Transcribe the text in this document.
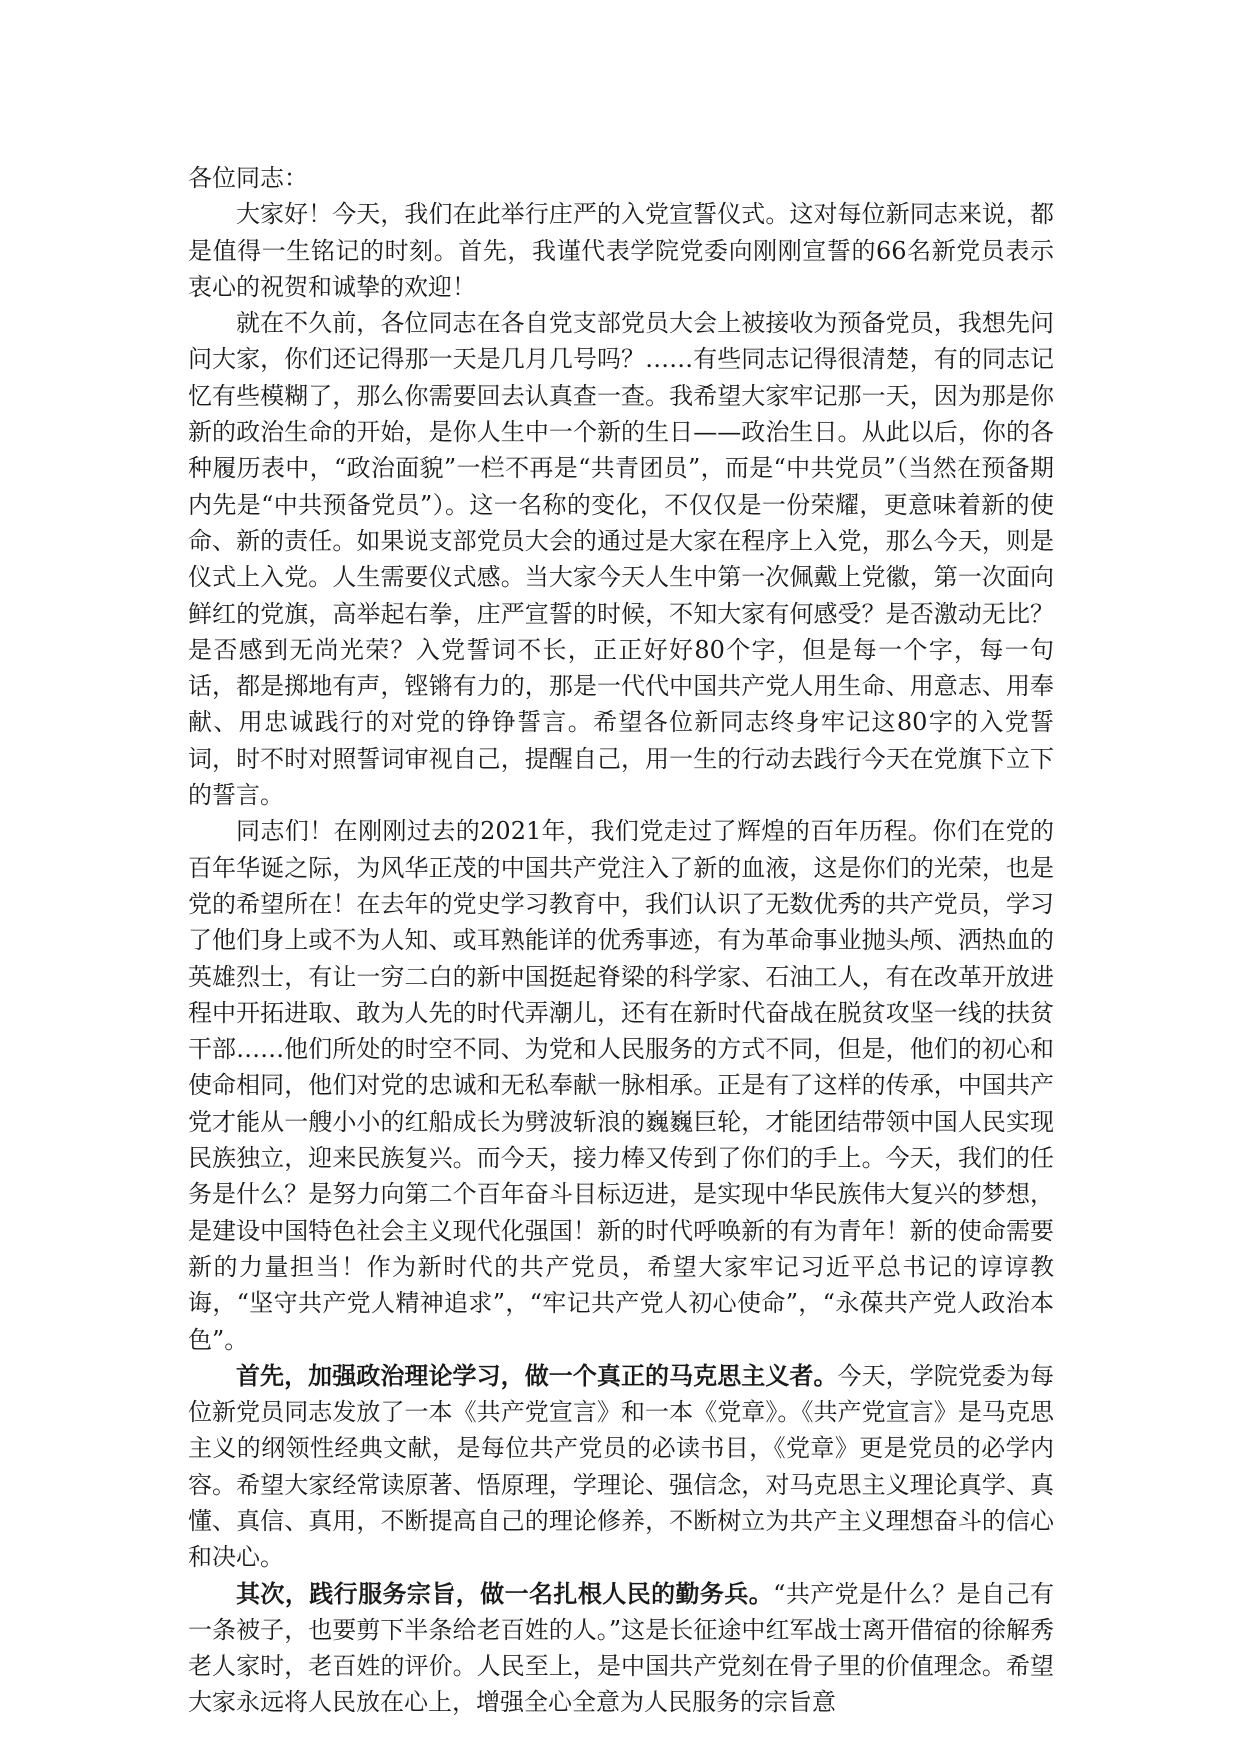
各位同志：

大家好！今天，我们在此举行庄严的入党宣誓仪式。这对每位新同志来说，都是值得一生铭记的时刻。首先，我谨代表学院党委向刚刚宣誓的66名新党员表示衷心的祝贺和诚挚的欢迎！

就在不久前，各位同志在各自党支部党员大会上被接收为预备党员，我想先问问大家，你们还记得那一天是几月几号吗？……有些同志记得很清楚，有的同志记忆有些模糊了，那么你需要回去认真查一查。我希望大家牢记那一天，因为那是你新的政治生命的开始，是你人生中一个新的生日——政治生日。从此以后，你的各种履历表中，“政治面貌”一栏不再是“共青团员”，而是“中共党员”（当然在预备期内先是“中共预备党员”）。这一名称的变化，不仅仅是一份荣耀，更意味着新的使命、新的责任。如果说支部党员大会的通过是大家在程序上入党，那么今天，则是仪式上入党。人生需要仪式感。当大家今天人生中第一次佩戴上党徽，第一次面向鲜红的党旗，高举起右拳，庄严宣誓的时候，不知大家有何感受？是否激动无比？是否感到无尚光荣？入党誓词不长，正正好好80个字，但是每一个字，每一句话，都是掷地有声，铿锵有力的，那是一代代中国共产党人用生命、用意志、用奉献、用忠诚践行的对党的铮铮誓言。希望各位新同志终身牢记这80字的入党誓词，时不时对照誓词审视自己，提醒自己，用一生的行动去践行今天在党旗下立下的誓言。

同志们！在刚刚过去的2021年，我们党走过了辉煌的百年历程。你们在党的百年华诞之际，为风华正茂的中国共产党注入了新的血液，这是你们的光荣，也是党的希望所在！在去年的党史学习教育中，我们认识了无数优秀的共产党员，学习了他们身上或不为人知、或耳熟能详的优秀事迹，有为革命事业抛头颅、洒热血的英雄烈士，有让一穷二白的新中国挺起脊梁的科学家、石油工人，有在改革开放进程中开拓进取、敢为人先的时代弄潮儿，还有在新时代奋战在脱贫攻坚一线的扶贫干部……他们所处的时空不同、为党和人民服务的方式不同，但是，他们的初心和使命相同，他们对党的忠诚和无私奉献一脉相承。正是有了这样的传承，中国共产党才能从一艘小小的红船成长为劈波斩浪的巍巍巨轮，才能团结带领中国人民实现民族独立，迎来民族复兴。而今天，接力棒又传到了你们的手上。今天，我们的任务是什么？是努力向第二个百年奋斗目标迈进，是实现中华民族伟大复兴的梦想，是建设中国特色社会主义现代化强国！新的时代呼唤新的有为青年！新的使命需要新的力量担当！作为新时代的共产党员，希望大家牢记习近平总书记的谆谆教诲，“坚守共产党人精神追求”，“牢记共产党人初心使命”，“永葆共产党人政治本色”。

首先，加强政治理论学习，做一个真正的马克思主义者。今天，学院党委为每位新党员同志发放了一本《共产党宣言》和一本《党章》。《共产党宣言》是马克思主义的纲领性经典文献，是每位共产党员的必读书目，《党章》更是党员的必学内容。希望大家经常读原著、悟原理，学理论、强信念，对马克思主义理论真学、真懂、真信、真用，不断提高自己的理论修养，不断树立为共产主义理想奋斗的信心和决心。

其次，践行服务宗旨，做一名扎根人民的勤务兵。“共产党是什么？是自己有一条被子，也要剪下半条给老百姓的人。”这是长征途中红军战士离开借宿的徐解秀老人家时，老百姓的评价。人民至上，是中国共产党刻在骨子里的价值理念。希望大家永远将人民放在心上，增强全心全意为人民服务的宗旨意
